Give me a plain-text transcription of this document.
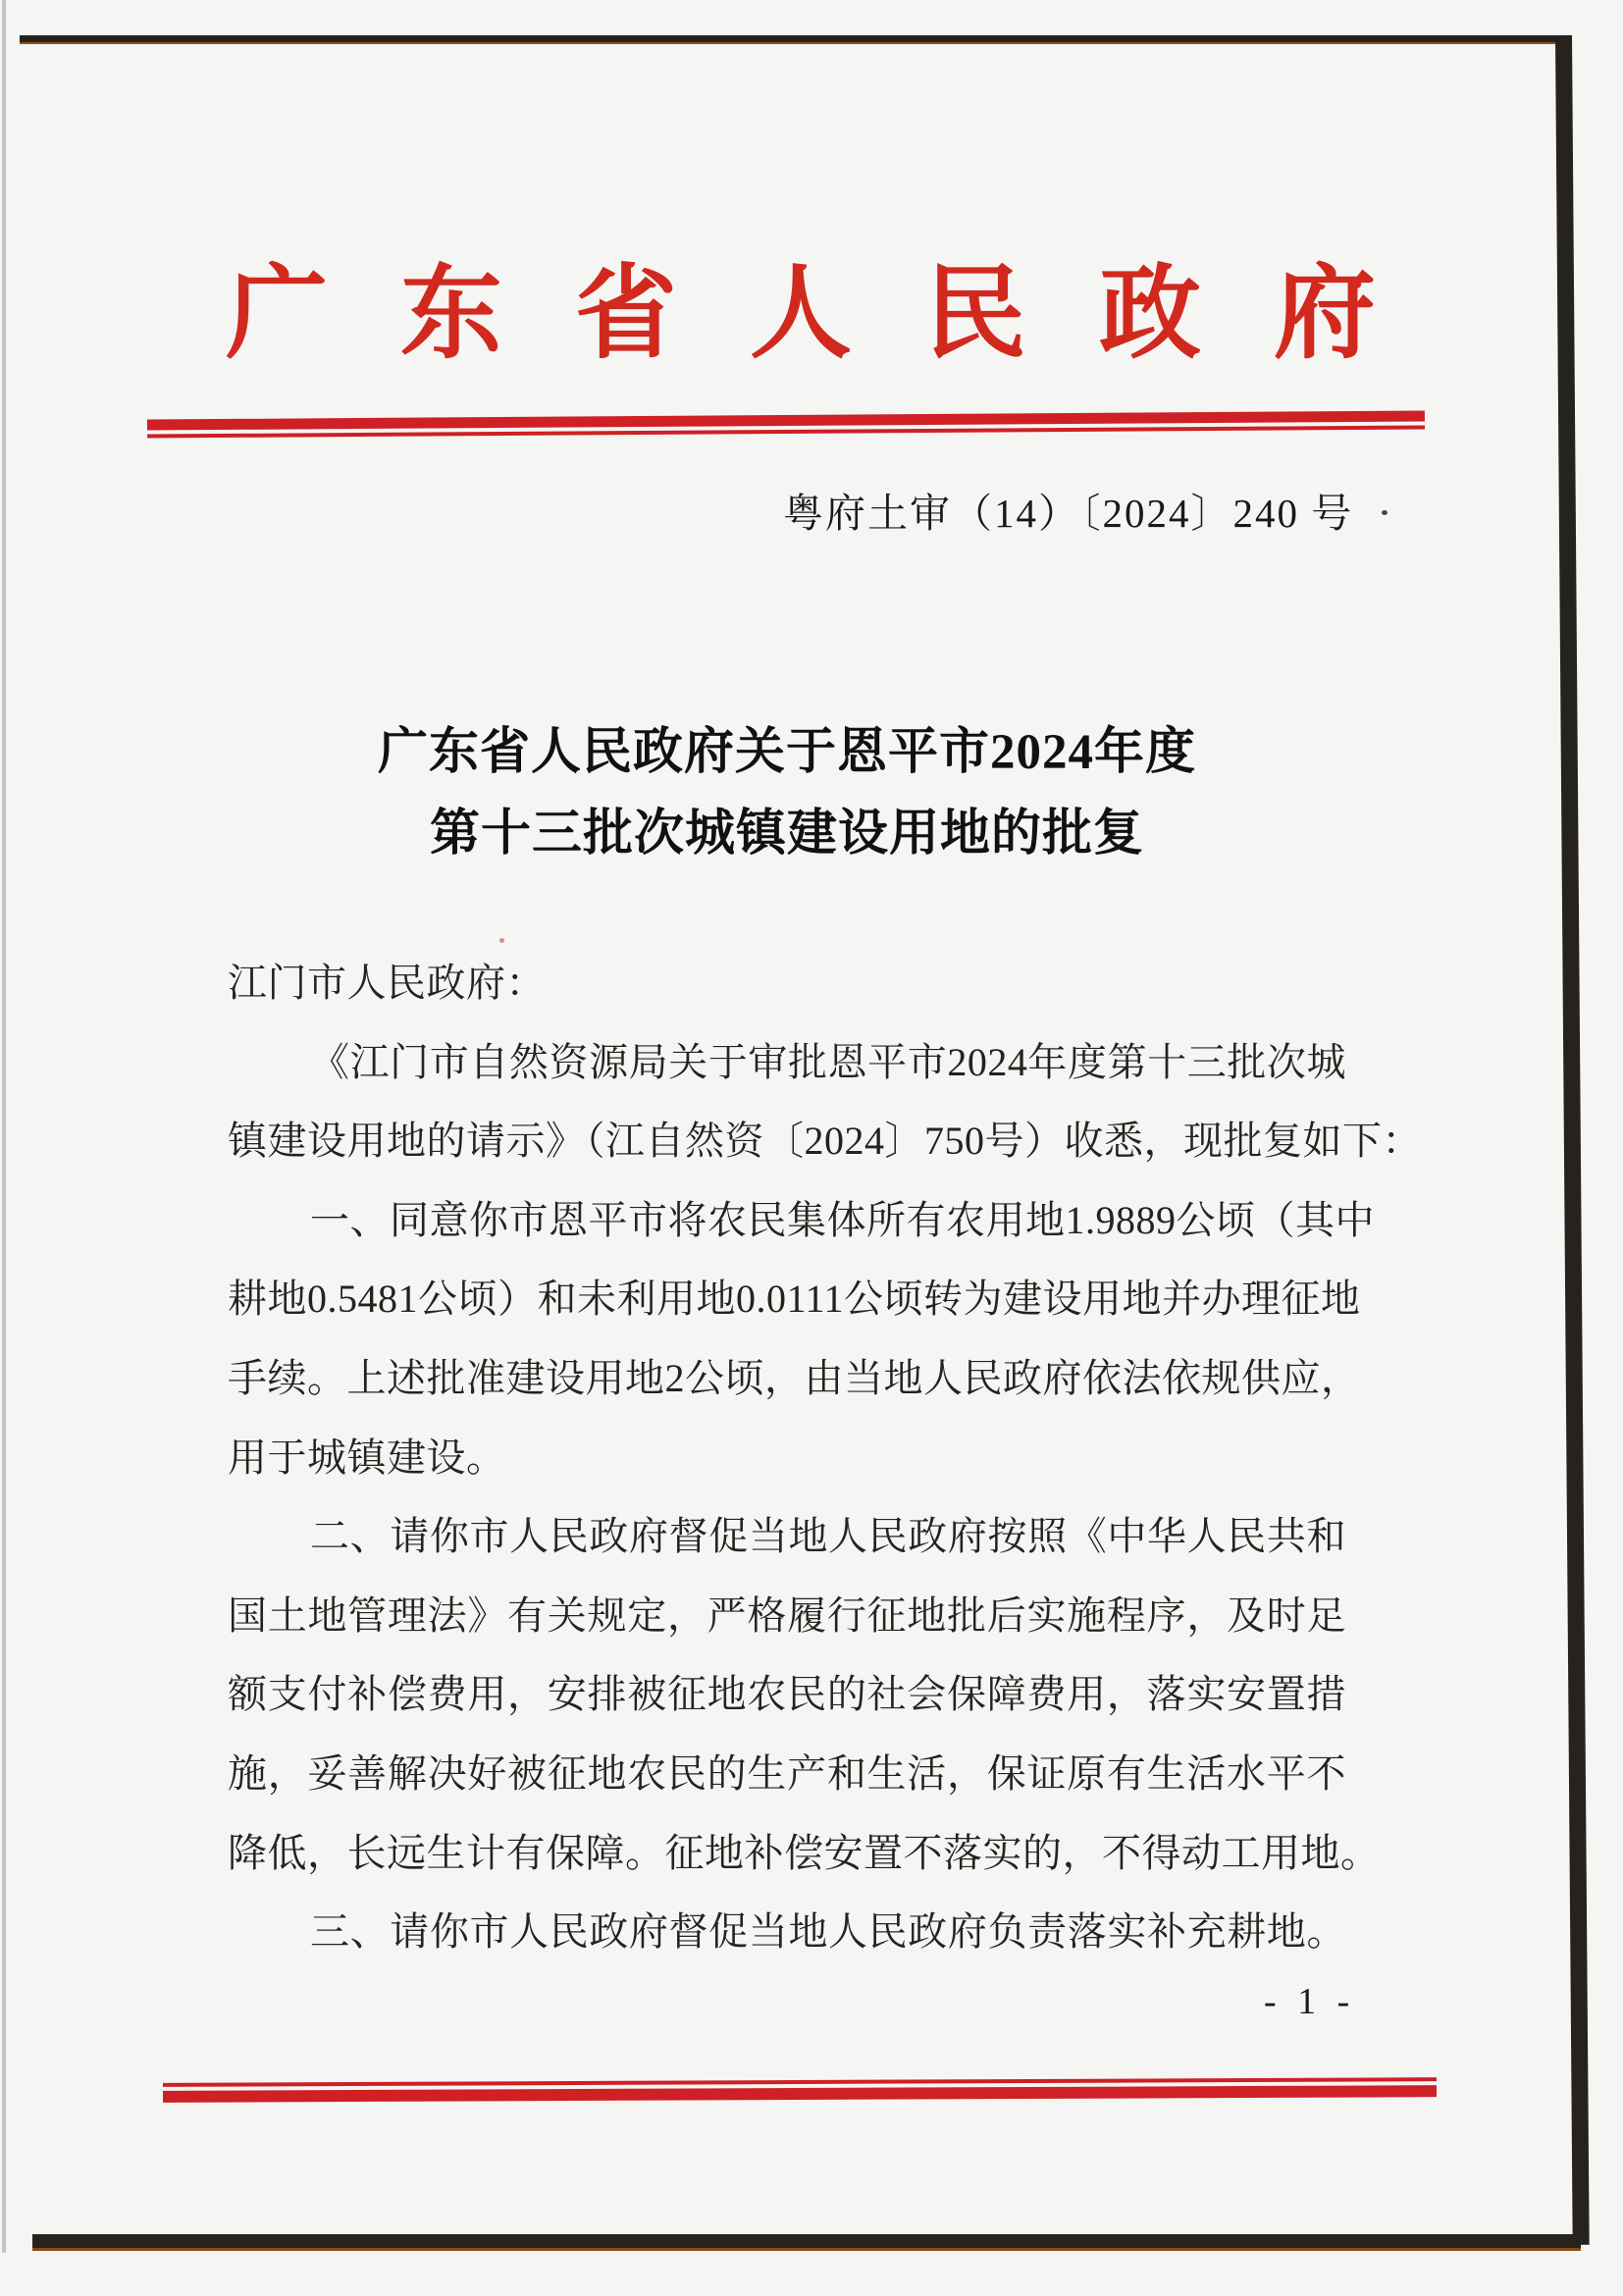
广东省人民政府
粤府土审（14）〔2024〕240 号
广东省人民政府关于恩平市2024年度
第十三批次城镇建设用地的批复
江门市人民政府：
《江门市自然资源局关于审批恩平市2024年度第十三批次城
镇建设用地的请示》（江自然资〔2024〕750号）收悉，现批复如下：
一、同意你市恩平市将农民集体所有农用地1.9889公顷（其中
耕地0.5481公顷）和未利用地0.0111公顷转为建设用地并办理征地
手续。上述批准建设用地2公顷，由当地人民政府依法依规供应，
用于城镇建设。
二、请你市人民政府督促当地人民政府按照《中华人民共和
国土地管理法》有关规定，严格履行征地批后实施程序，及时足
额支付补偿费用，安排被征地农民的社会保障费用，落实安置措
施，妥善解决好被征地农民的生产和生活，保证原有生活水平不
降低，长远生计有保障。征地补偿安置不落实的，不得动工用地。
三、请你市人民政府督促当地人民政府负责落实补充耕地。
- 1 -
